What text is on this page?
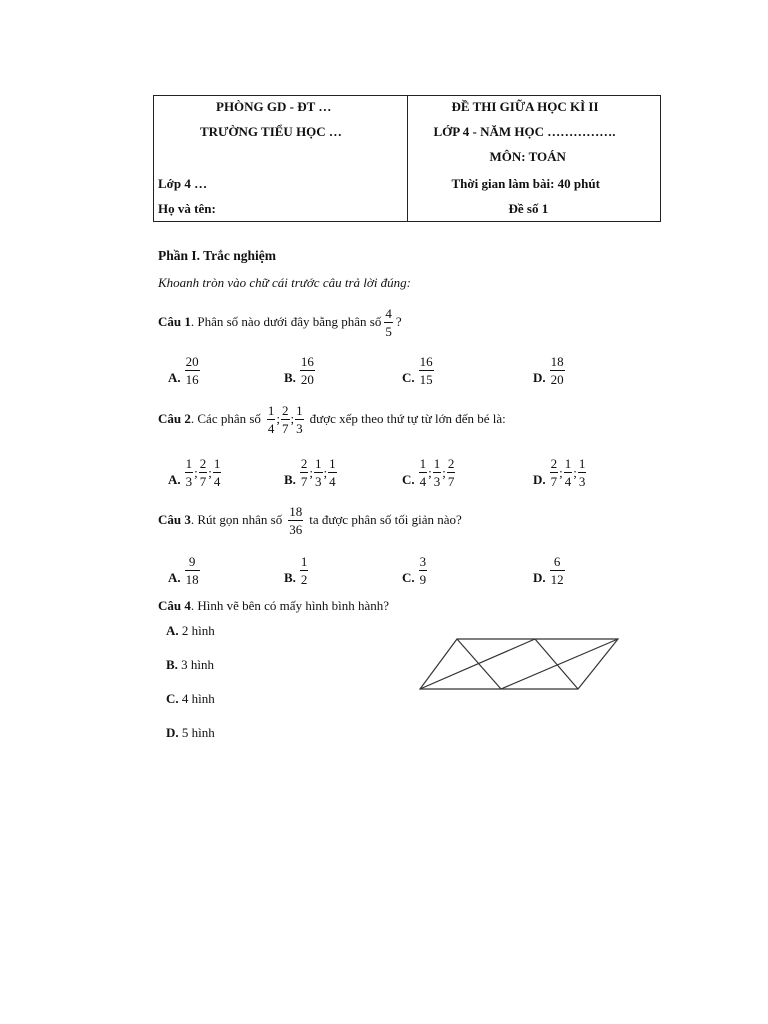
PHÒNG GD - ĐT …
TRƯỜNG TIỂU HỌC …
Lớp 4 …
Họ và tên:

ĐỀ THI GIỮA HỌC KÌ II
LỚP 4 - NĂM HỌC …………….
MÔN: TOÁN
Thời gian làm bài: 40 phút
Đề số 1
Phần I. Trắc nghiệm
Khoanh tròn vào chữ cái trước câu trả lời đúng:
Câu 1 . Phân số nào dưới đây bằng phân số $\frac{4}{5}$ ?
A. $\frac{20}{16}$	B. $\frac{16}{20}$	C. $\frac{16}{15}$	D. $\frac{18}{20}$
Câu 2 . Các phân số $\frac{1}{4}$ ; $\frac{2}{7}$ ; $\frac{1}{3}$ được xếp theo thứ tự từ lớn đến bé là:
A. $\frac{1}{3}$ ; $\frac{2}{7}$ ; $\frac{1}{4}$	B. $\frac{2}{7}$ ; $\frac{1}{3}$ ; $\frac{1}{4}$	C. $\frac{1}{4}$ ; $\frac{1}{3}$ ; $\frac{2}{7}$	D. $\frac{2}{7}$ ; $\frac{1}{4}$ ; $\frac{1}{3}$
Câu 3 . Rút gọn nhân số $\frac{18}{36}$ ta được phân số tối giản nào?
A. $\frac{9}{18}$	B. $\frac{1}{2}$	C. $\frac{3}{9}$	D. $\frac{6}{12}$
Câu 4. Hình vẽ bên có mấy hình bình hành?
A. 2 hình
B. 3 hình
C. 4 hình
D. 5 hình
